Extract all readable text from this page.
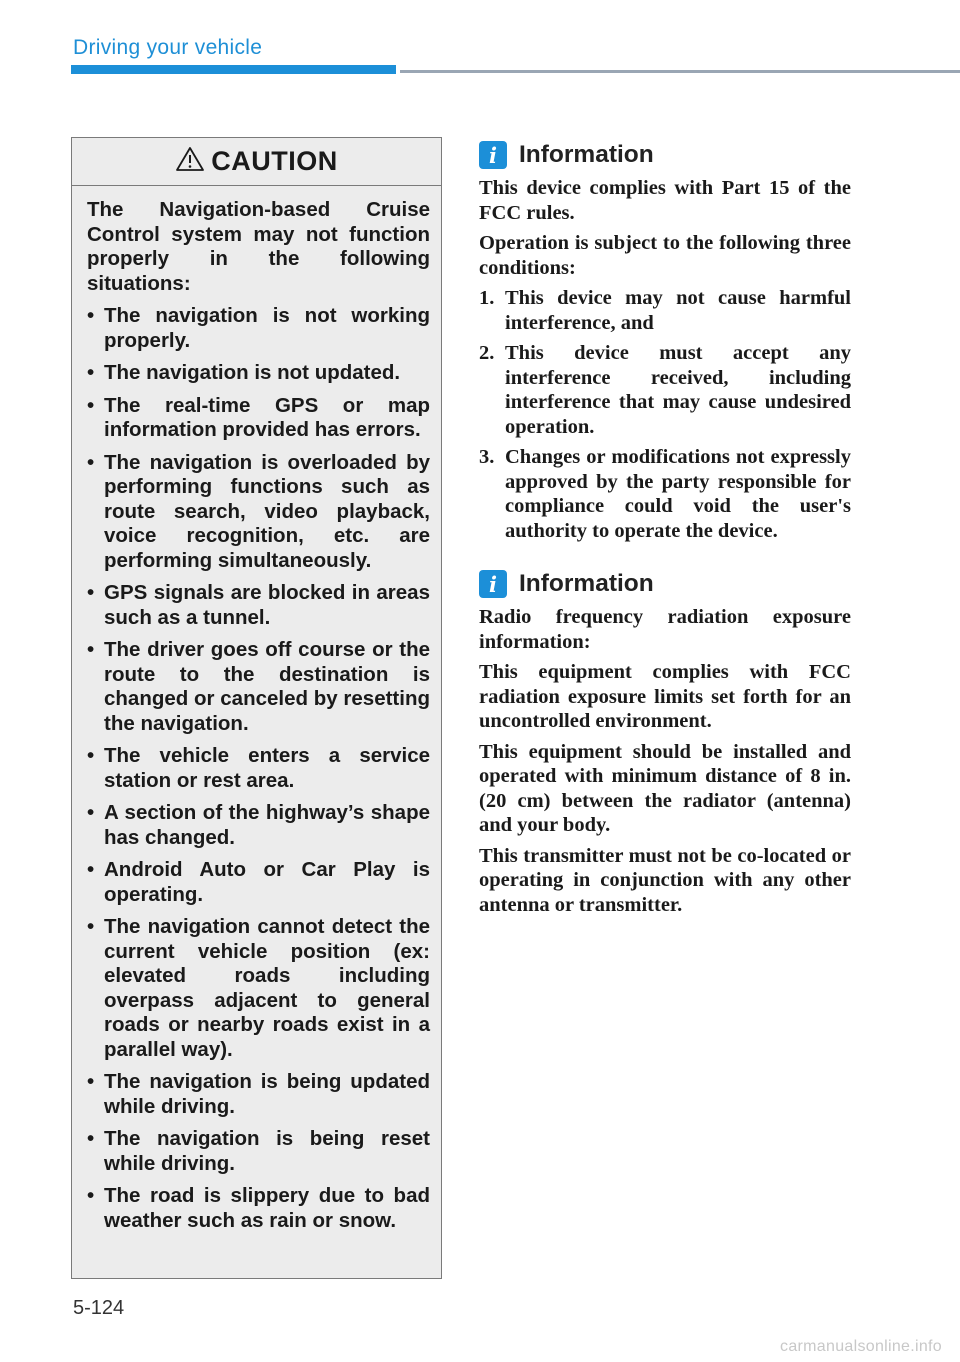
Driving your vehicle
CAUTION

The Navigation-based Cruise Control system may not function properly in the following situations:

• The navigation is not working properly.
• The navigation is not updated.
• The real-time GPS or map information provided has errors.
• The navigation is overloaded by performing functions such as route search, video playback, voice recognition, etc. are performing simultaneously.
• GPS signals are blocked in areas such as a tunnel.
• The driver goes off course or the route to the destination is changed or canceled by resetting the navigation.
• The vehicle enters a service station or rest area.
• A section of the highway’s shape has changed.
• Android Auto or Car Play is operating.
• The navigation cannot detect the current vehicle position (ex: elevated roads including overpass adjacent to general roads or nearby roads exist in a parallel way).
• The navigation is being updated while driving.
• The navigation is being reset while driving.
• The road is slippery due to bad weather such as rain or snow.
i Information

This device complies with Part 15 of the FCC rules.

Operation is subject to the following three conditions:

1. This device may not cause harmful interference, and
2. This device must accept any interference received, including interference that may cause undesired operation.
3. Changes or modifications not expressly approved by the party responsible for compliance could void the user's authority to operate the device.
i Information

Radio frequency radiation exposure information:

This equipment complies with FCC radiation exposure limits set forth for an uncontrolled environment.

This equipment should be installed and operated with minimum distance of 8 in. (20 cm) between the radiator (antenna) and your body.

This transmitter must not be co-located or operating in conjunction with any other antenna or transmitter.

5-124
carmanualsonline.info
